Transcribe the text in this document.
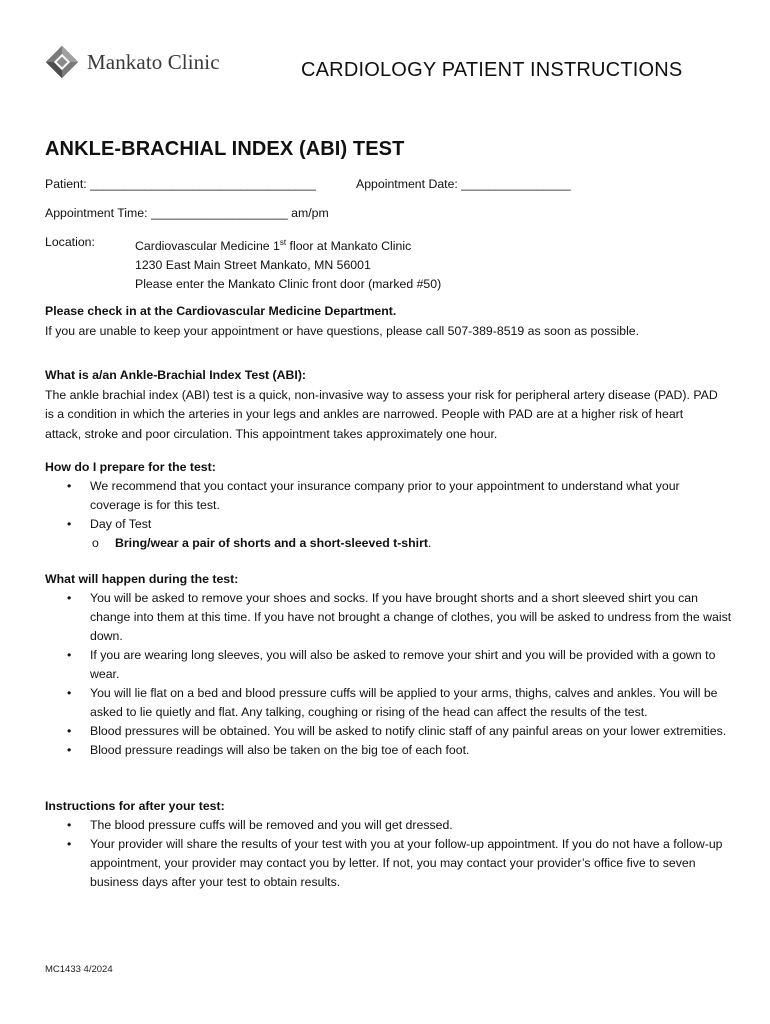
Mankato Clinic	CARDIOLOGY PATIENT INSTRUCTIONS
ANKLE-BRACHIAL INDEX (ABI) TEST
Patient: _________________________________	Appointment Date: ________________
Appointment Time: ____________________ am/pm
Location:	Cardiovascular Medicine 1st floor at Mankato Clinic
1230 East Main Street Mankato, MN 56001
Please enter the Mankato Clinic front door (marked #50)
Please check in at the Cardiovascular Medicine Department.
If you are unable to keep your appointment or have questions, please call 507-389-8519 as soon as possible.
What is a/an Ankle-Brachial Index Test (ABI):
The ankle brachial index (ABI) test is a quick, non-invasive way to assess your risk for peripheral artery disease (PAD). PAD is a condition in which the arteries in your legs and ankles are narrowed. People with PAD are at a higher risk of heart attack, stroke and poor circulation. This appointment takes approximately one hour.
How do I prepare for the test:
• We recommend that you contact your insurance company prior to your appointment to understand what your coverage is for this test.
• Day of Test
o Bring/wear a pair of shorts and a short-sleeved t-shirt.
What will happen during the test:
• You will be asked to remove your shoes and socks. If you have brought shorts and a short sleeved shirt you can change into them at this time. If you have not brought a change of clothes, you will be asked to undress from the waist down.
• If you are wearing long sleeves, you will also be asked to remove your shirt and you will be provided with a gown to wear.
• You will lie flat on a bed and blood pressure cuffs will be applied to your arms, thighs, calves and ankles. You will be asked to lie quietly and flat. Any talking, coughing or rising of the head can affect the results of the test.
• Blood pressures will be obtained. You will be asked to notify clinic staff of any painful areas on your lower extremities.
• Blood pressure readings will also be taken on the big toe of each foot.
Instructions for after your test:
• The blood pressure cuffs will be removed and you will get dressed.
• Your provider will share the results of your test with you at your follow-up appointment. If you do not have a follow-up appointment, your provider may contact you by letter. If not, you may contact your provider’s office five to seven business days after your test to obtain results.
MC1433 4/2024
